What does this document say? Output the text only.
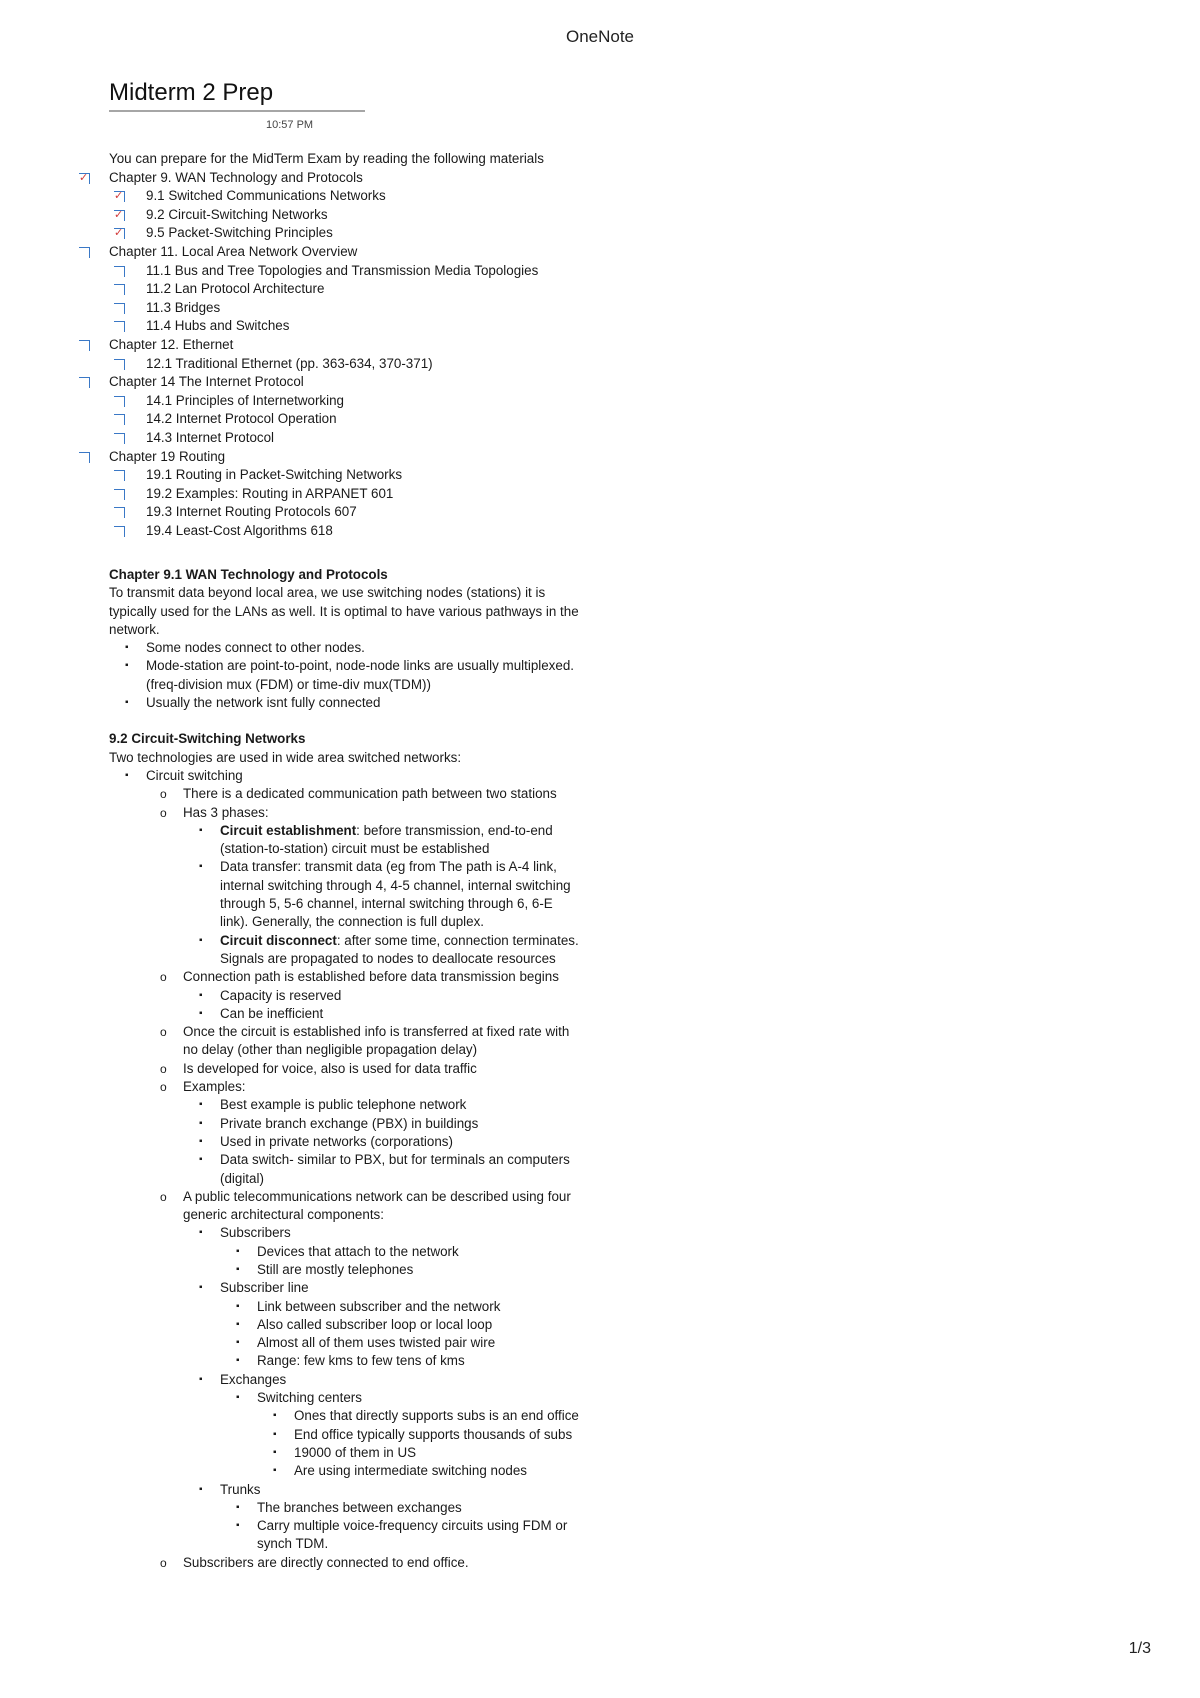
OneNote
Midterm 2 Prep
10:57 PM
You can prepare for the MidTerm Exam by reading the following materials
✓ Chapter 9. WAN Technology and Protocols
✓ 9.1 Switched Communications Networks
✓ 9.2 Circuit-Switching Networks
✓ 9.5 Packet-Switching Principles
Chapter 11. Local Area Network Overview
11.1 Bus and Tree Topologies and Transmission Media Topologies
11.2 Lan Protocol Architecture
11.3 Bridges
11.4 Hubs and Switches
Chapter 12. Ethernet
12.1 Traditional Ethernet (pp. 363-634, 370-371)
Chapter 14 The Internet Protocol
14.1 Principles of Internetworking
14.2 Internet Protocol Operation
14.3 Internet Protocol
Chapter 19 Routing
19.1 Routing in Packet-Switching Networks
19.2 Examples: Routing in ARPANET 601
19.3 Internet Routing Protocols 607
19.4 Least-Cost Algorithms 618

Chapter 9.1 WAN Technology and Protocols

To transmit data beyond local area, we use switching nodes (stations) it is typically used for the LANs as well. It is optimal to have various pathways in the network.

▪ Some nodes connect to other nodes.
▪ Mode-station are point-to-point, node-node links are usually multiplexed. (freq-division mux (FDM) or time-div mux(TDM))
▪ Usually the network isnt fully connected

9.2 Circuit-Switching Networks

Two technologies are used in wide area switched networks:

▪ Circuit switching
o There is a dedicated communication path between two stations
o Has 3 phases:
▪ Circuit establishment: before transmission, end-to-end (station-to-station) circuit must be established
▪ Data transfer: transmit data (eg from The path is A-4 link, internal switching through 4, 4-5 channel, internal switching through 5, 5-6 channel, internal switching through 6, 6-E link). Generally, the connection is full duplex.
▪ Circuit disconnect: after some time, connection terminates. Signals are propagated to nodes to deallocate resources
o Connection path is established before data transmission begins
▪ Capacity is reserved
▪ Can be inefficient
o Once the circuit is established info is transferred at fixed rate with no delay (other than negligible propagation delay)
o Is developed for voice, also is used for data traffic
o Examples:
▪ Best example is public telephone network
▪ Private branch exchange (PBX) in buildings
▪ Used in private networks (corporations)
▪ Data switch- similar to PBX, but for terminals an computers (digital)
o A public telecommunications network can be described using four generic architectural components:
▪ Subscribers
▪ Devices that attach to the network
▪ Still are mostly telephones
▪ Subscriber line
▪ Link between subscriber and the network
▪ Also called subscriber loop or local loop
▪ Almost all of them uses twisted pair wire
▪ Range: few kms to few tens of kms
▪ Exchanges
▪ Switching centers
▪ Ones that directly supports subs is an end office
▪ End office typically supports thousands of subs
▪ 19000 of them in US
▪ Are using intermediate switching nodes
▪ Trunks
▪ The branches between exchanges
▪ Carry multiple voice-frequency circuits using FDM or synch TDM.
o Subscribers are directly connected to end office.
1/3
